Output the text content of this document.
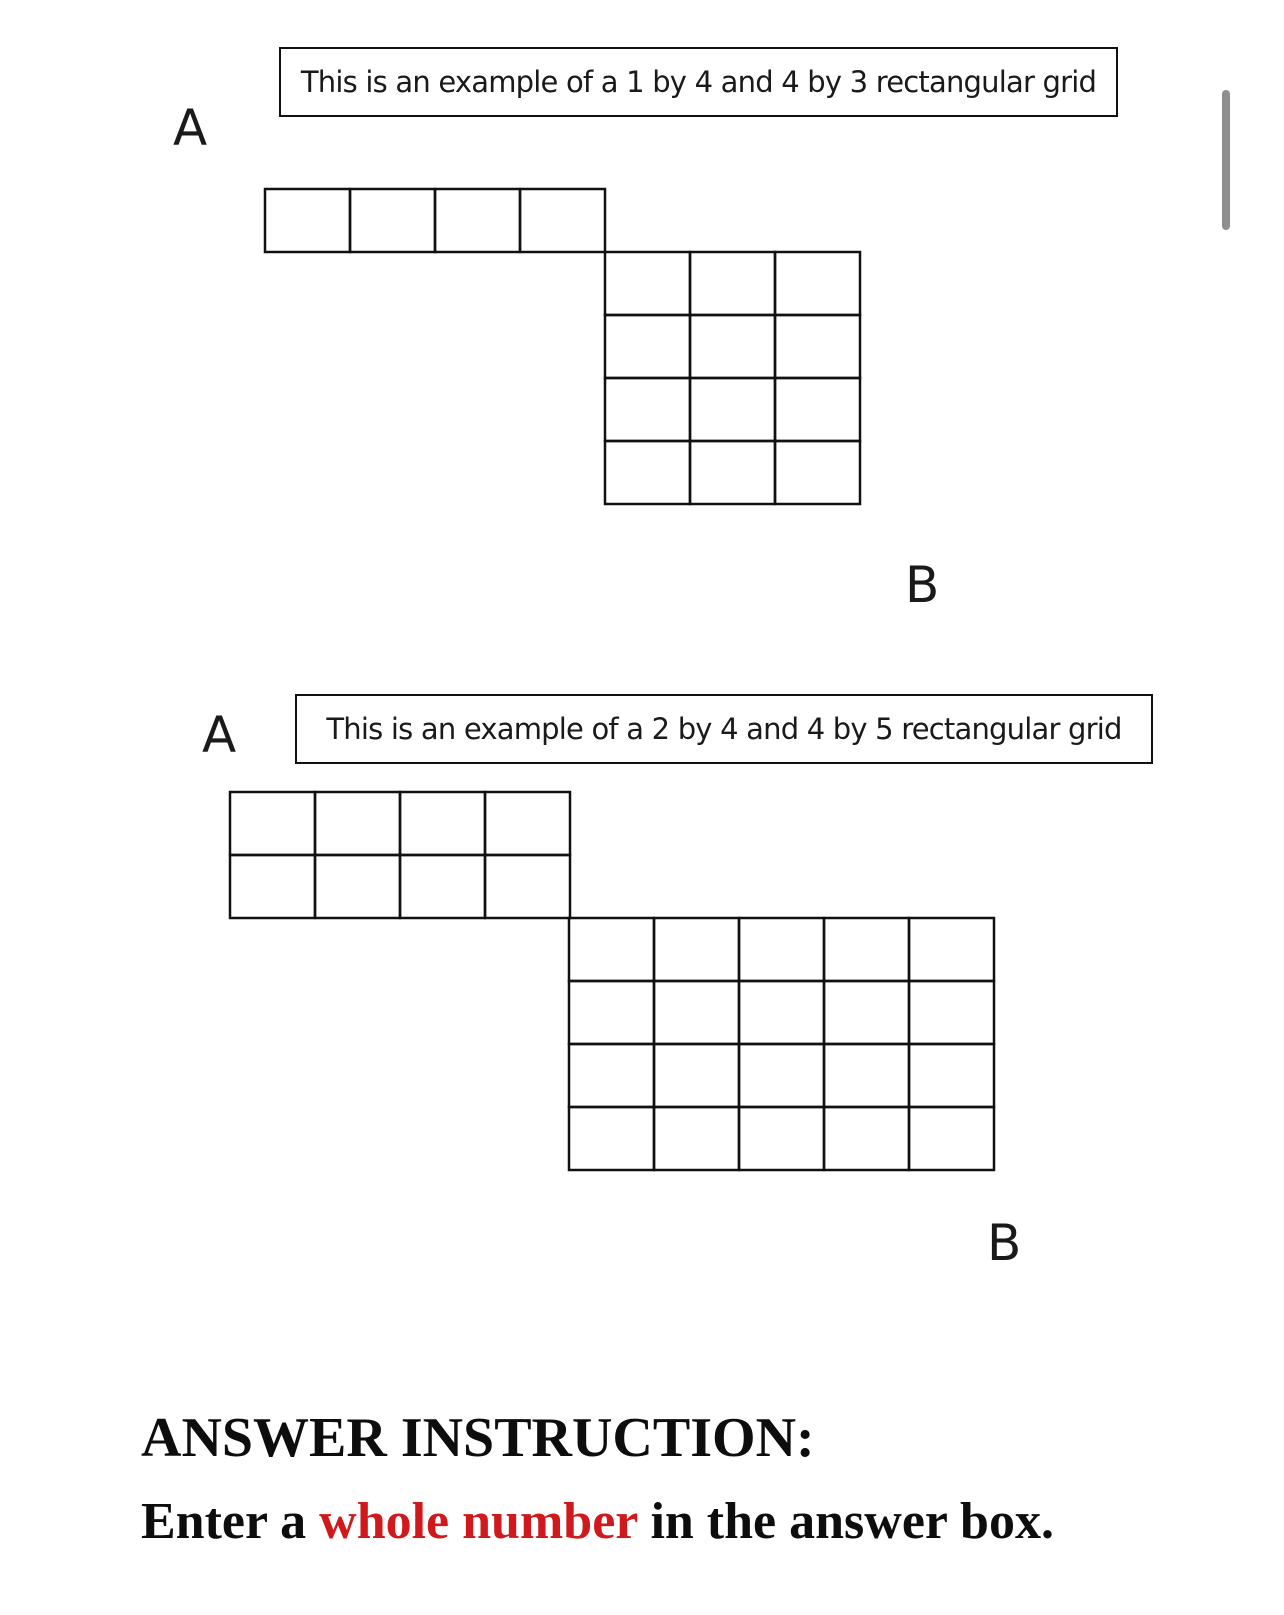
This is an example of a 1 by 4 and 4 by 3 rectangular grid
A
B
A	This is an example of a 2 by 4 and 4 by 5 rectangular grid
B
ANSWER INSTRUCTION:
Enter a whole number in the answer box.
